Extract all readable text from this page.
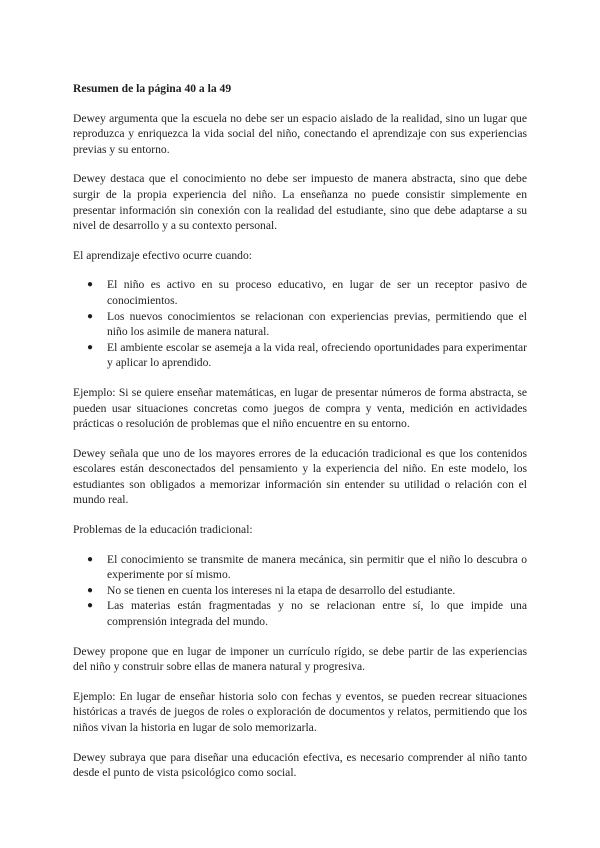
Resumen de la página 40 a la 49

Dewey argumenta que la escuela no debe ser un espacio aislado de la realidad, sino un lugar que reproduzca y enriquezca la vida social del niño, conectando el aprendizaje con sus experiencias previas y su entorno.

Dewey destaca que el conocimiento no debe ser impuesto de manera abstracta, sino que debe surgir de la propia experiencia del niño. La enseñanza no puede consistir simplemente en presentar información sin conexión con la realidad del estudiante, sino que debe adaptarse a su nivel de desarrollo y a su contexto personal.

El aprendizaje efectivo ocurre cuando:

● El niño es activo en su proceso educativo, en lugar de ser un receptor pasivo de conocimientos.
● Los nuevos conocimientos se relacionan con experiencias previas, permitiendo que el niño los asimile de manera natural.
● El ambiente escolar se asemeja a la vida real, ofreciendo oportunidades para experimentar y aplicar lo aprendido.

Ejemplo: Si se quiere enseñar matemáticas, en lugar de presentar números de forma abstracta, se pueden usar situaciones concretas como juegos de compra y venta, medición en actividades prácticas o resolución de problemas que el niño encuentre en su entorno.

Dewey señala que uno de los mayores errores de la educación tradicional es que los contenidos escolares están desconectados del pensamiento y la experiencia del niño. En este modelo, los estudiantes son obligados a memorizar información sin entender su utilidad o relación con el mundo real.

Problemas de la educación tradicional:

● El conocimiento se transmite de manera mecánica, sin permitir que el niño lo descubra o experimente por sí mismo.
● No se tienen en cuenta los intereses ni la etapa de desarrollo del estudiante.
● Las materias están fragmentadas y no se relacionan entre sí, lo que impide una comprensión integrada del mundo.

Dewey propone que en lugar de imponer un currículo rígido, se debe partir de las experiencias del niño y construir sobre ellas de manera natural y progresiva.

Ejemplo: En lugar de enseñar historia solo con fechas y eventos, se pueden recrear situaciones históricas a través de juegos de roles o exploración de documentos y relatos, permitiendo que los niños vivan la historia en lugar de solo memorizarla.

Dewey subraya que para diseñar una educación efectiva, es necesario comprender al niño tanto desde el punto de vista psicológico como social.
